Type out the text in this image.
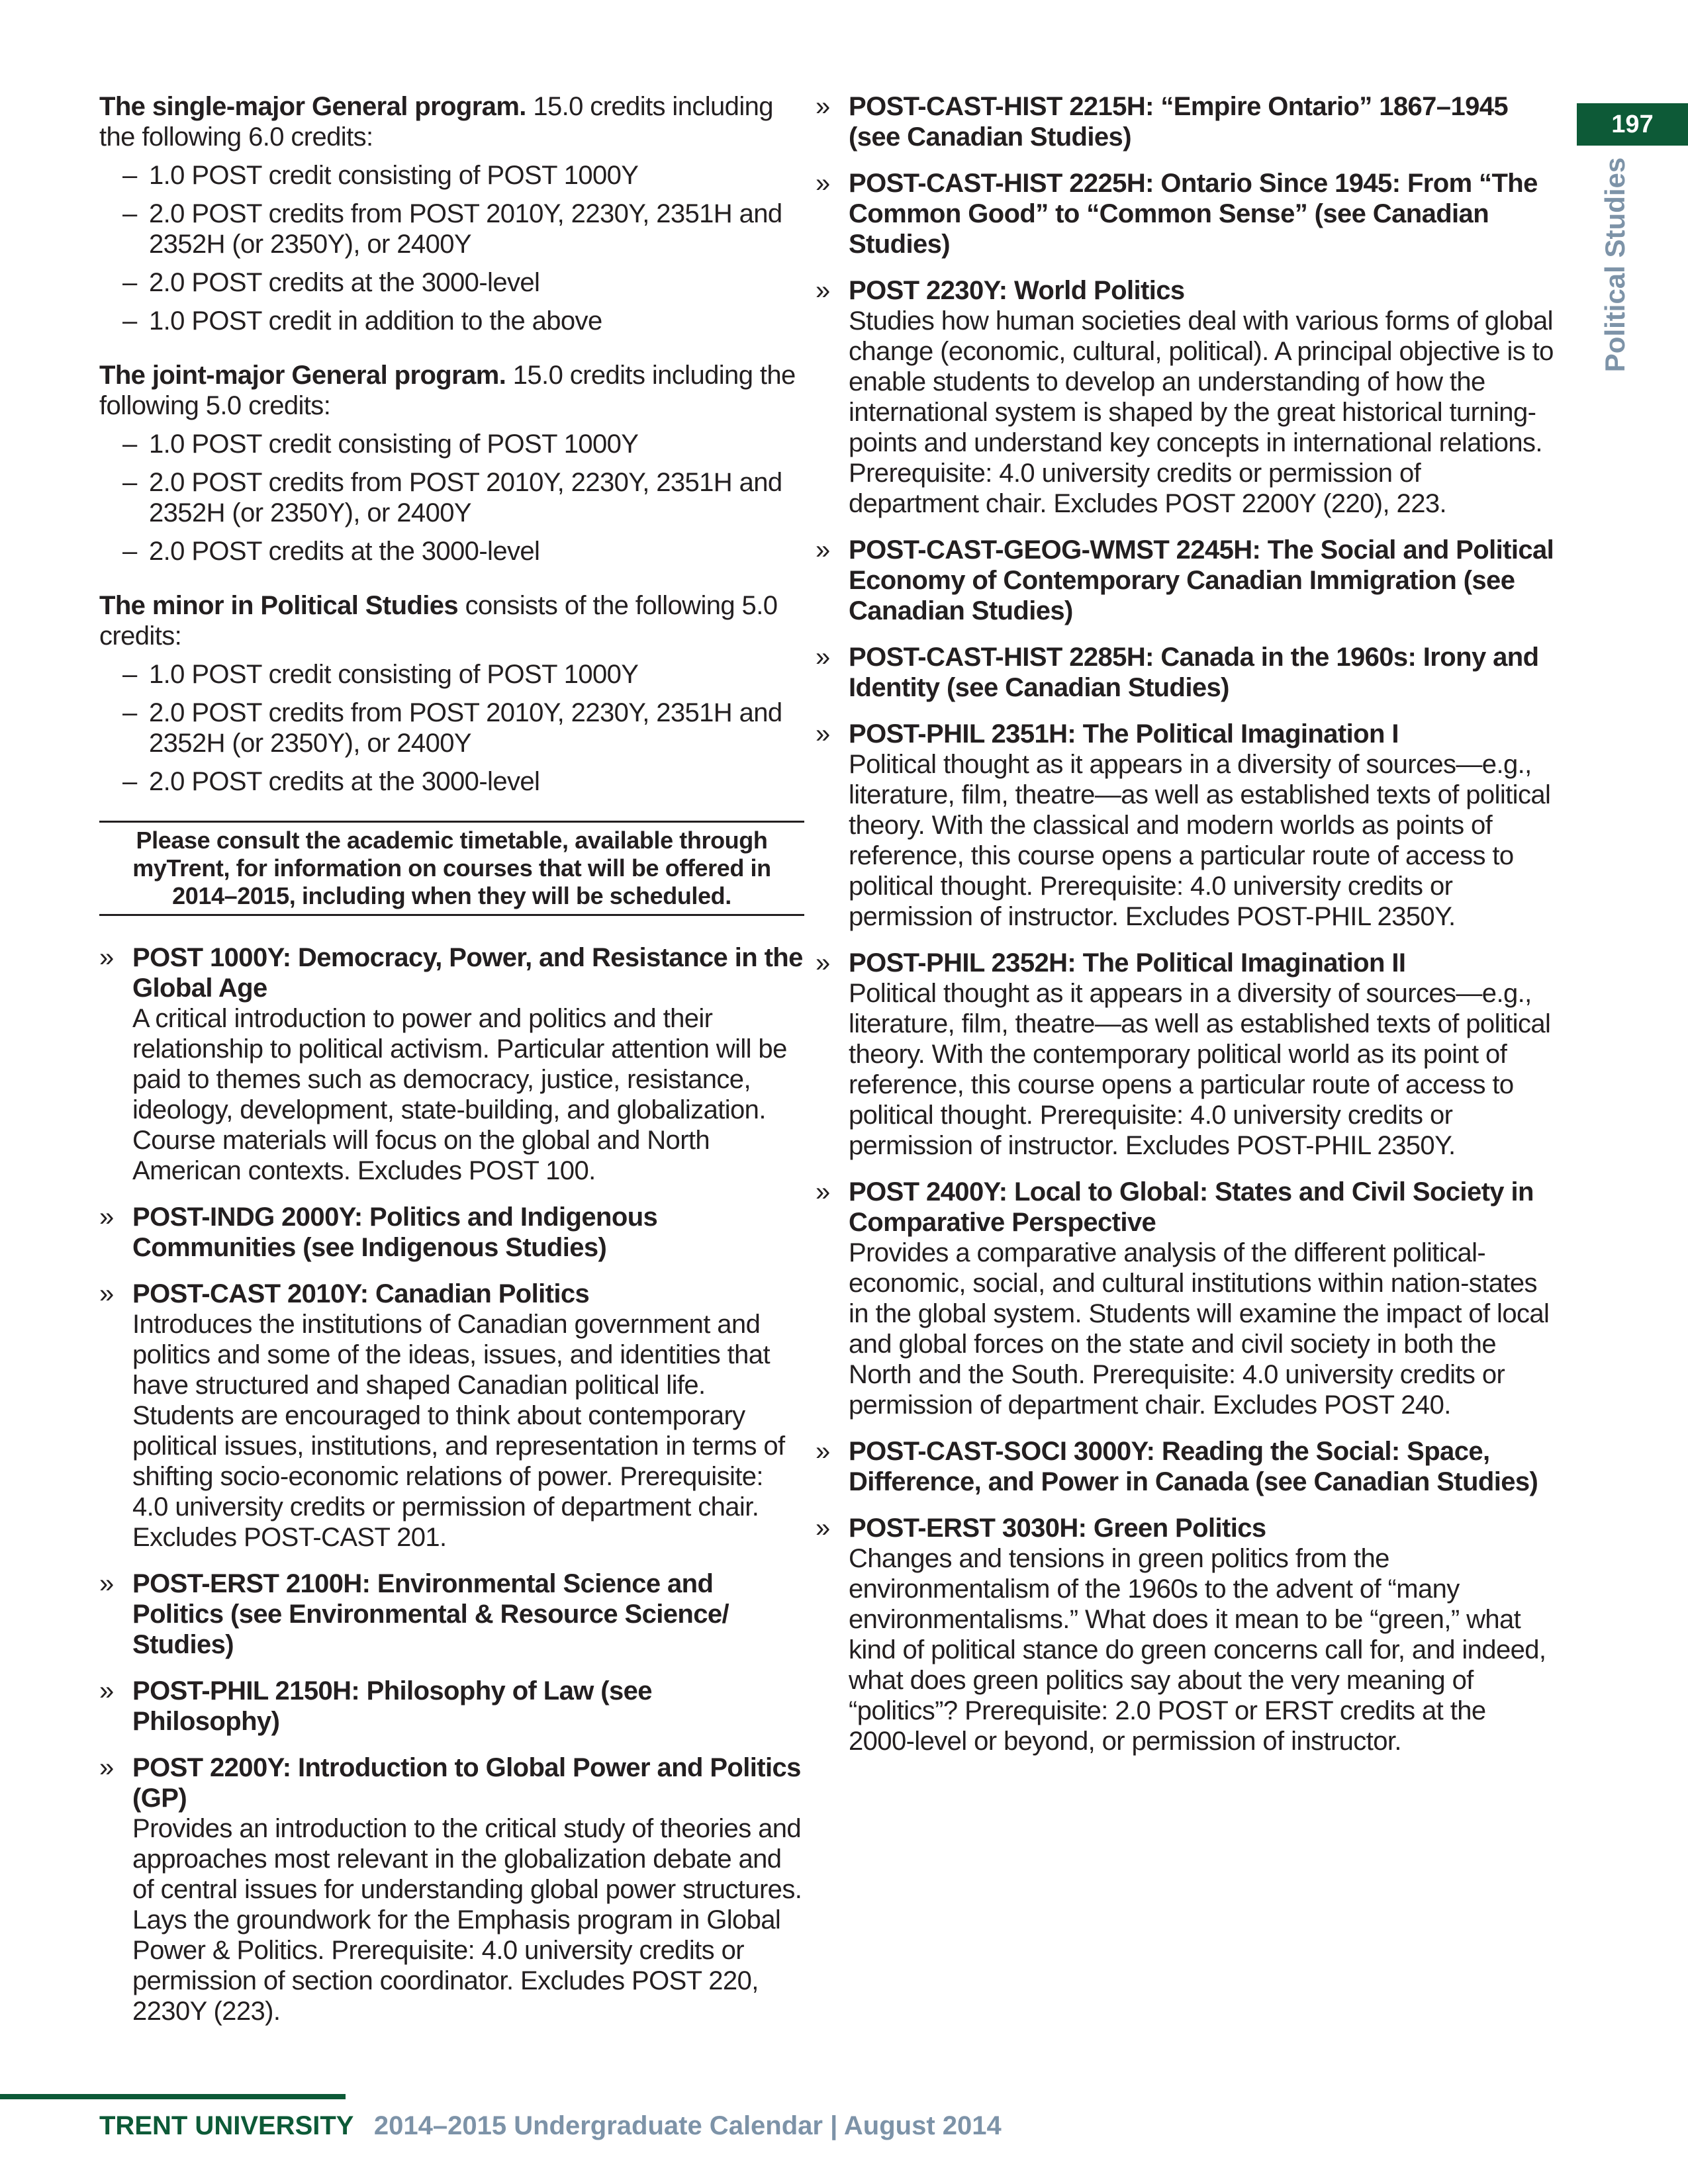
197
Political Studies

The single-major General program. 15.0 credits including the following 6.0 credits:

– 1.0 POST credit consisting of POST 1000Y
– 2.0 POST credits from POST 2010Y, 2230Y, 2351H and 2352H (or 2350Y), or 2400Y
– 2.0 POST credits at the 3000-level
– 1.0 POST credit in addition to the above

The joint-major General program. 15.0 credits including the following 5.0 credits:

– 1.0 POST credit consisting of POST 1000Y
– 2.0 POST credits from POST 2010Y, 2230Y, 2351H and 2352H (or 2350Y), or 2400Y
– 2.0 POST credits at the 3000-level

The minor in Political Studies consists of the following 5.0 credits:

– 1.0 POST credit consisting of POST 1000Y
– 2.0 POST credits from POST 2010Y, 2230Y, 2351H and 2352H (or 2350Y), or 2400Y
– 2.0 POST credits at the 3000-level
Please consult the academic timetable, available through myTrent, for information on courses that will be offered in 2014–2015, including when they will be scheduled.
» POST 1000Y: Democracy, Power, and Resistance in the Global Age

A critical introduction to power and politics and their relationship to political activism. Particular attention will be paid to themes such as democracy, justice, resistance, ideology, development, state-building, and globalization. Course materials will focus on the global and North American contexts. Excludes POST 100.

» POST-INDG 2000Y: Politics and Indigenous Communities (see Indigenous Studies)
» POST-CAST 2010Y: Canadian Politics

Introduces the institutions of Canadian government and politics and some of the ideas, issues, and identities that have structured and shaped Canadian political life. Students are encouraged to think about contemporary political issues, institutions, and representation in terms of shifting socio-economic relations of power. Prerequisite: 4.0 university credits or permission of department chair. Excludes POST-CAST 201.

» POST-ERST 2100H: Environmental Science and Politics (see Environmental & Resource Science/ Studies)
» POST-PHIL 2150H: Philosophy of Law (see Philosophy)
» POST 2200Y: Introduction to Global Power and Politics (GP)

Provides an introduction to the critical study of theories and approaches most relevant in the globalization debate and of central issues for understanding global power structures. Lays the groundwork for the Emphasis program in Global Power & Politics. Prerequisite: 4.0 university credits or permission of section coordinator. Excludes POST 220, 2230Y (223).

» POST-CAST-HIST 2215H: “Empire Ontario” 1867–1945 (see Canadian Studies)
» POST-CAST-HIST 2225H: Ontario Since 1945: From “The Common Good” to “Common Sense” (see Canadian Studies)
» POST 2230Y: World Politics

Studies how human societies deal with various forms of global change (economic, cultural, political). A principal objective is to enable students to develop an understanding of how the international system is shaped by the great historical turning-points and understand key concepts in international relations. Prerequisite: 4.0 university credits or permission of department chair. Excludes POST 2200Y (220), 223.

» POST-CAST-GEOG-WMST 2245H: The Social and Political Economy of Contemporary Canadian Immigration (see Canadian Studies)
» POST-CAST-HIST 2285H: Canada in the 1960s: Irony and Identity (see Canadian Studies)
» POST-PHIL 2351H: The Political Imagination I

Political thought as it appears in a diversity of sources—e.g., literature, film, theatre—as well as established texts of political theory. With the classical and modern worlds as points of reference, this course opens a particular route of access to political thought. Prerequisite: 4.0 university credits or permission of instructor. Excludes POST-PHIL 2350Y.

» POST-PHIL 2352H: The Political Imagination II

Political thought as it appears in a diversity of sources—e.g., literature, film, theatre—as well as established texts of political theory. With the contemporary political world as its point of reference, this course opens a particular route of access to political thought. Prerequisite: 4.0 university credits or permission of instructor. Excludes POST-PHIL 2350Y.

» POST 2400Y: Local to Global: States and Civil Society in Comparative Perspective

Provides a comparative analysis of the different political-economic, social, and cultural institutions within nation-states in the global system. Students will examine the impact of local and global forces on the state and civil society in both the North and the South. Prerequisite: 4.0 university credits or permission of department chair. Excludes POST 240.

» POST-CAST-SOCI 3000Y: Reading the Social: Space, Difference, and Power in Canada (see Canadian Studies)
» POST-ERST 3030H: Green Politics

Changes and tensions in green politics from the environmentalism of the 1960s to the advent of “many environmentalisms.” What does it mean to be “green,” what kind of political stance do green concerns call for, and indeed, what does green politics say about the very meaning of “politics”? Prerequisite: 2.0 POST or ERST credits at the 2000-level or beyond, or permission of instructor.

TRENT UNIVERSITY 2014–2015 Undergraduate Calendar | August 2014
